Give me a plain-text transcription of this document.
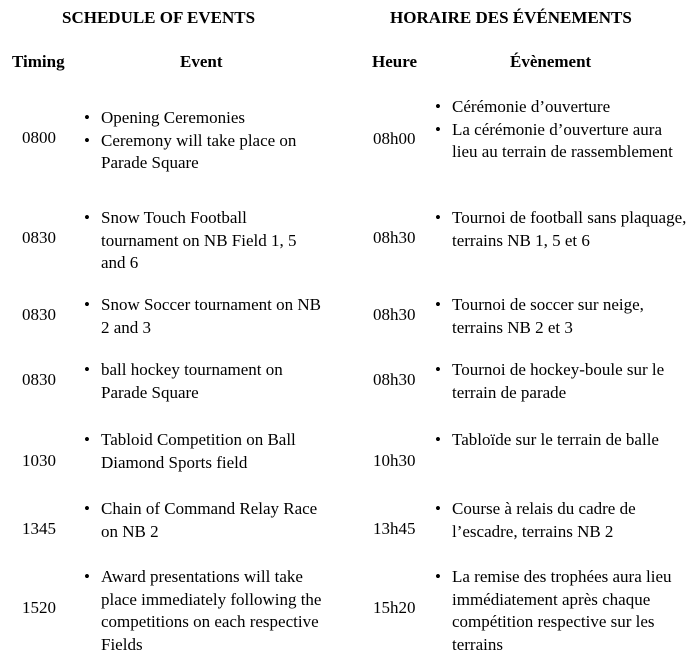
SCHEDULE OF EVENTS
Timing	Event
0800
• Opening Ceremonies
• Ceremony will take place on Parade Square
0830
• Snow Touch Football tournament on NB Field 1, 5 and 6
0830
• Snow Soccer tournament on NB 2 and 3
0830
• ball hockey tournament on Parade Square
1030
• Tabloid Competition on Ball Diamond Sports field
1345
• Chain of Command Relay Race on NB 2
1520
• Award presentations will take place immediately following the competitions on each respective Fields
HORAIRE DES ÉVÉNEMENTS
Heure	Évènement
08h00
• Cérémonie d’ouverture
• La cérémonie d’ouverture aura lieu au terrain de rassemblement
08h30
• Tournoi de football sans plaquage, terrains NB 1, 5 et 6
08h30
• Tournoi de soccer sur neige, terrains NB 2 et 3
08h30
• Tournoi de hockey-boule sur le terrain de parade
10h30
• Tabloïde sur le terrain de balle
13h45
• Course à relais du cadre de l’escadre, terrains NB 2
15h20
• La remise des trophées aura lieu immédiatement après chaque compétition respective sur les terrains
